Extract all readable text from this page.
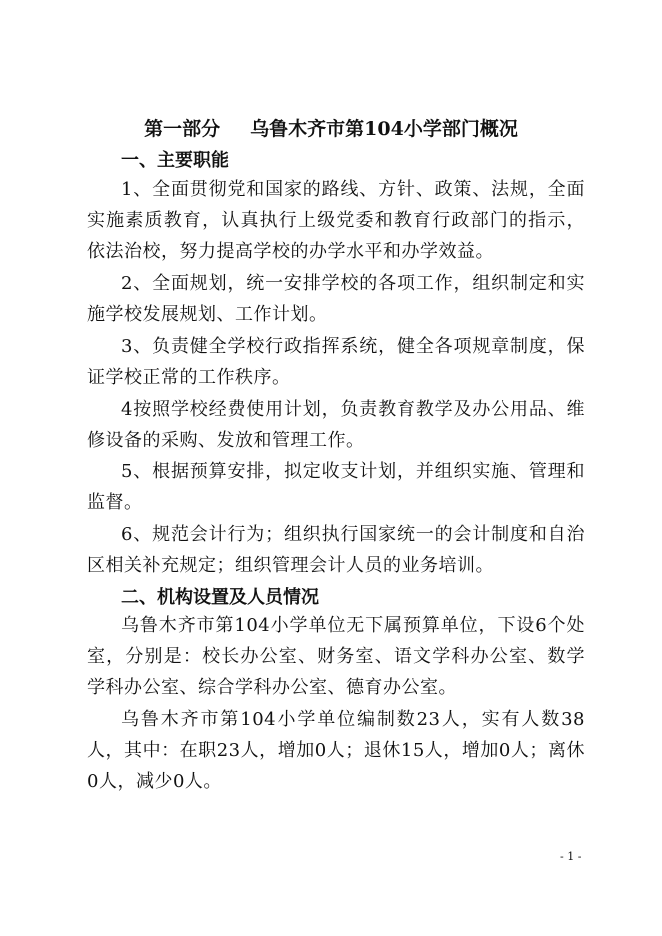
第一部分 乌鲁木齐市第104小学部门概况
一、主要职能
1、全面贯彻党和国家的路线、方针、政策、法规，全面实施素质教育，认真执行上级党委和教育行政部门的指示，依法治校，努力提高学校的办学水平和办学效益。
2、全面规划，统一安排学校的各项工作，组织制定和实施学校发展规划、工作计划。
3、负责健全学校行政指挥系统，健全各项规章制度，保证学校正常的工作秩序。
4按照学校经费使用计划，负责教育教学及办公用品、维修设备的采购、发放和管理工作。
5、根据预算安排，拟定收支计划，并组织实施、管理和监督。
6、规范会计行为；组织执行国家统一的会计制度和自治区相关补充规定；组织管理会计人员的业务培训。
二、机构设置及人员情况
乌鲁木齐市第104小学单位无下属预算单位，下设6个处室，分别是：校长办公室、财务室、语文学科办公室、数学学科办公室、综合学科办公室、德育办公室。
乌鲁木齐市第104小学单位编制数23人，实有人数38人，其中：在职23人，增加0人；退休15人，增加0人；离休0人，减少0人。
- 1 -
